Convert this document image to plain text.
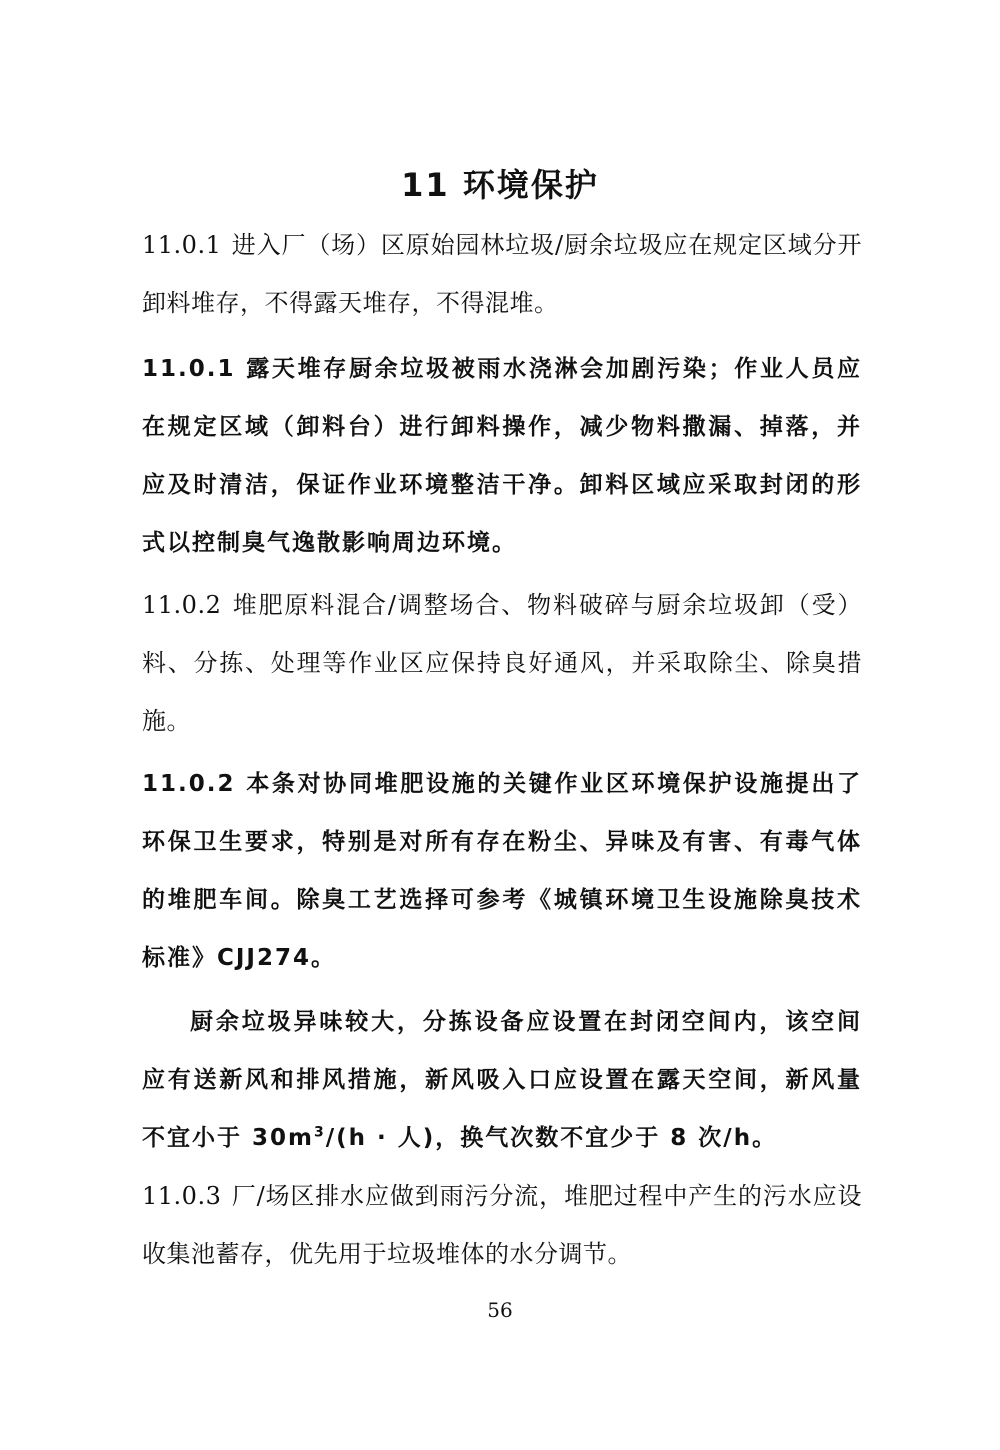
11 环境保护
11.0.1 进入厂（场）区原始园林垃圾/厨余垃圾应在规定区域分开卸料堆存，不得露天堆存，不得混堆。
11.0.1 露天堆存厨余垃圾被雨水浇淋会加剧污染；作业人员应在规定区域（卸料台）进行卸料操作，减少物料撒漏、掉落，并应及时清洁，保证作业环境整洁干净。卸料区域应采取封闭的形式以控制臭气逸散影响周边环境。
11.0.2 堆肥原料混合/调整场合、物料破碎与厨余垃圾卸（受）料、分拣、处理等作业区应保持良好通风，并采取除尘、除臭措施。
11.0.2 本条对协同堆肥设施的关键作业区环境保护设施提出了环保卫生要求，特别是对所有存在粉尘、异味及有害、有毒气体的堆肥车间。除臭工艺选择可参考《城镇环境卫生设施除臭技术标准》CJJ274。
厨余垃圾异味较大，分拣设备应设置在封闭空间内，该空间应有送新风和排风措施，新风吸入口应设置在露天空间，新风量不宜小于 $30m^3/(h$ · 人)，换气次数不宜少于 8 次/h。
11.0.3 厂/场区排水应做到雨污分流，堆肥过程中产生的污水应设收集池蓄存，优先用于垃圾堆体的水分调节。
56
